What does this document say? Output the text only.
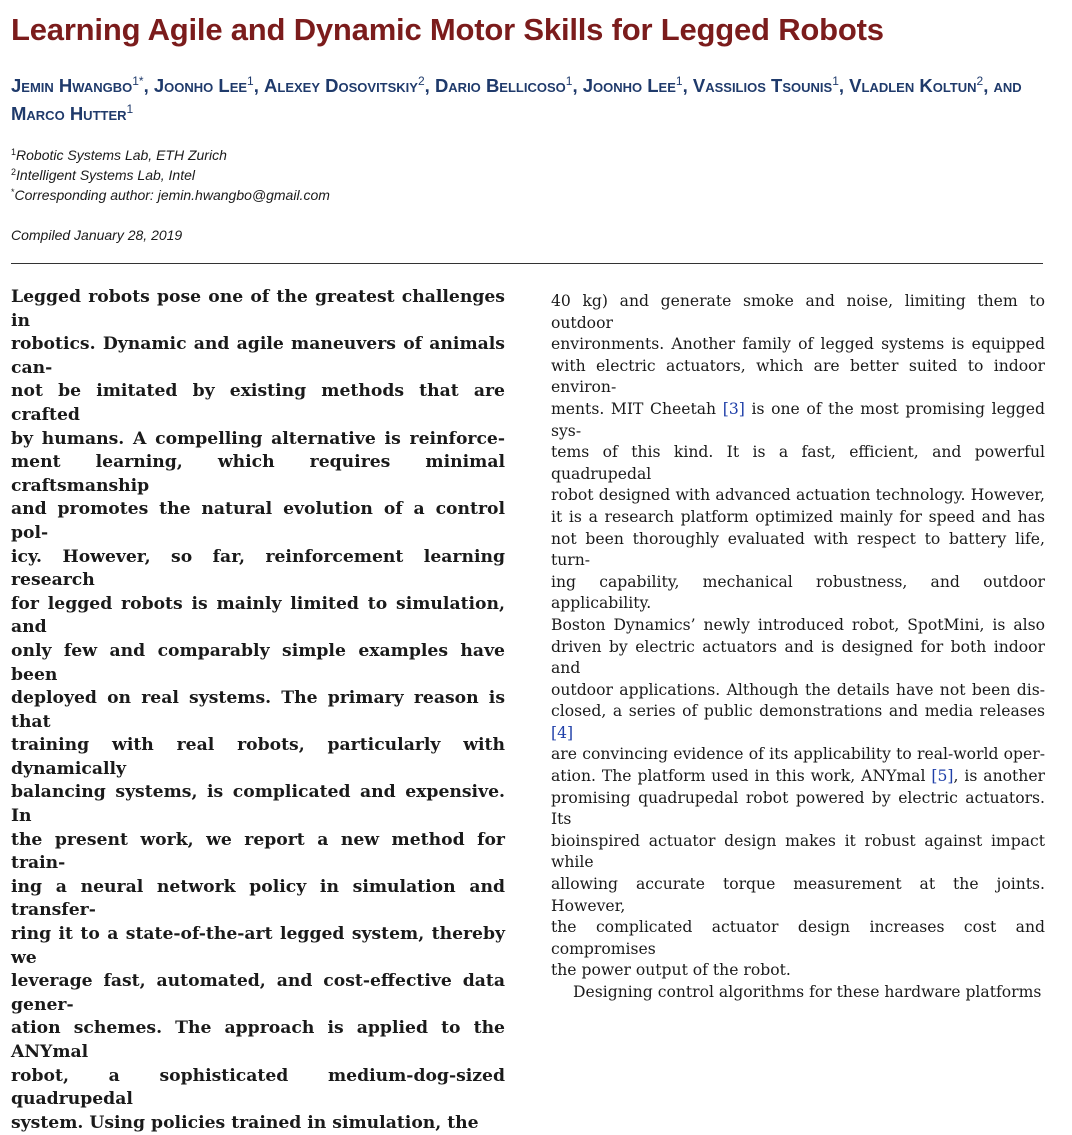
Learning Agile and Dynamic Motor Skills for Legged Robots
Jemin Hwangbo$^{1*}$, Joonho Lee$^1$, Alexey Dosovitskiy$^2$, Dario Bellicoso$^1$, Joonho Lee$^1$, Vassilios Tsounis$^1$, Vladlen Koltun$^2$, and Marco Hutter$^1$
$^1$Robotic Systems Lab, ETH Zurich
$^2$Intelligent Systems Lab, Intel
*Corresponding author: jemin.hwangbo@gmail.com
Compiled January 28, 2019
Legged robots pose one of the greatest challenges in
robotics. Dynamic and agile maneuvers of animals can-
not be imitated by existing methods that are crafted
by humans. A compelling alternative is reinforce-
ment learning, which requires minimal craftsmanship
and promotes the natural evolution of a control pol-
icy. However, so far, reinforcement learning research
for legged robots is mainly limited to simulation, and
only few and comparably simple examples have been
deployed on real systems. The primary reason is that
training with real robots, particularly with dynamically
balancing systems, is complicated and expensive. In
the present work, we report a new method for train-
ing a neural network policy in simulation and transfer-
ring it to a state-of-the-art legged system, thereby we
leverage fast, automated, and cost-effective data gener-
ation schemes. The approach is applied to the ANYmal
robot, a sophisticated medium-dog-sized quadrupedal
system. Using policies trained in simulation, the
40 kg) and generate smoke and noise, limiting them to outdoor
environments. Another family of legged systems is equipped
with electric actuators, which are better suited to indoor environ-
ments. MIT Cheetah [3] is one of the most promising legged sys-
tems of this kind. It is a fast, efficient, and powerful quadrupedal
robot designed with advanced actuation technology. However,
it is a research platform optimized mainly for speed and has
not been thoroughly evaluated with respect to battery life, turn-
ing capability, mechanical robustness, and outdoor applicability.
Boston Dynamics’ newly introduced robot, SpotMini, is also
driven by electric actuators and is designed for both indoor and
outdoor applications. Although the details have not been dis-
closed, a series of public demonstrations and media releases [4]
are convincing evidence of its applicability to real-world oper-
ation. The platform used in this work, ANYmal [5], is another
promising quadrupedal robot powered by electric actuators. Its
bioinspired actuator design makes it robust against impact while
allowing accurate torque measurement at the joints. However,
the complicated actuator design increases cost and compromises
the power output of the robot.
Designing control algorithms for these hardware platforms
